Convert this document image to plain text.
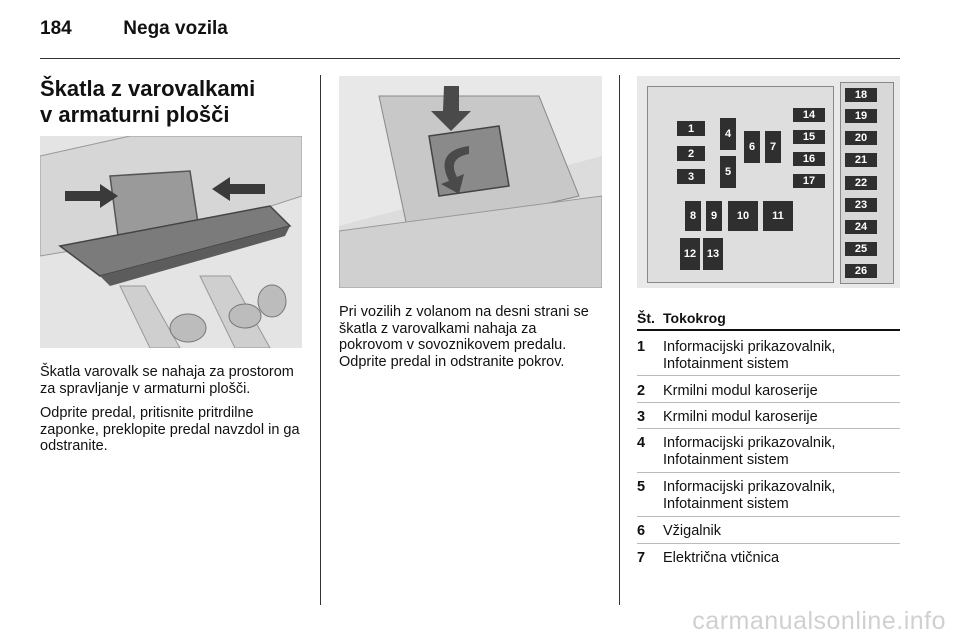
184	Nega vozila
Škatla z varovalkami
v armaturni plošči

Škatla varovalk se nahaja za prostorom za spravljanje v armaturni plošči.

Odprite predal, pritisnite pritrdilne zaponke, preklopite predal navzdol in ga odstranite.

Pri vozilih z volanom na desni strani se škatla z varovalkami nahaja za pokrovom v sovoznikovem predalu. Odprite predal in odstranite pokrov.

1
2
3
4
5
6	7
8	9	10	11
12 13
14
15
16
17
18
19
20
21
22
23
24
25
26
Št. Tokokrog
1 Informacijski prikazovalnik, Infotainment sistem
2 Krmilni modul karoserije
3 Krmilni modul karoserije
4 Informacijski prikazovalnik, Infotainment sistem
5 Informacijski prikazovalnik, Infotainment sistem
6 Vžigalnik
7 Električna vtičnica
carmanualsonline.info
